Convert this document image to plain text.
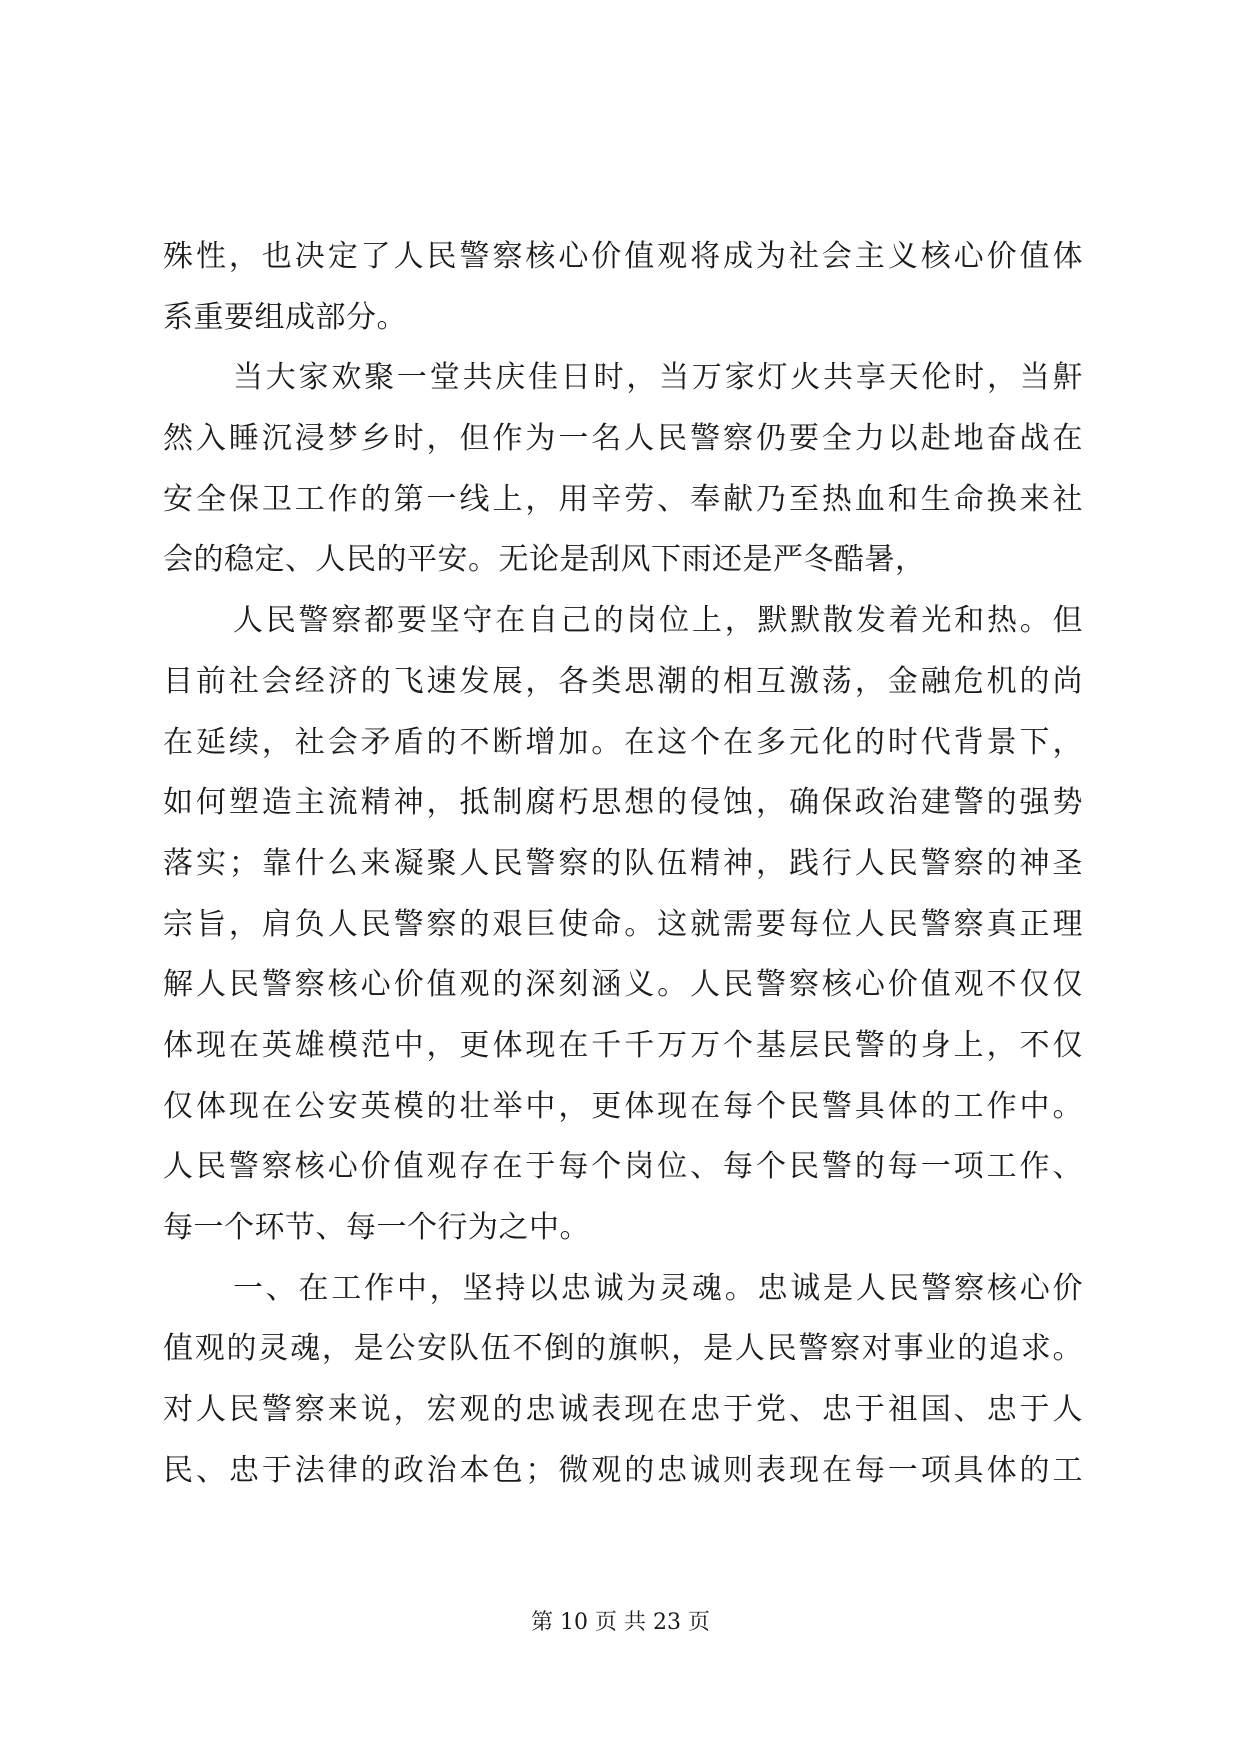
殊性，也决定了人民警察核心价值观将成为社会主义核心价值体
系重要组成部分。
当大家欢聚一堂共庆佳日时，当万家灯火共享天伦时，当鼾
然入睡沉浸梦乡时，但作为一名人民警察仍要全力以赴地奋战在
安全保卫工作的第一线上，用辛劳、奉献乃至热血和生命换来社
会的稳定、人民的平安。无论是刮风下雨还是严冬酷暑，
人民警察都要坚守在自己的岗位上，默默散发着光和热。但
目前社会经济的飞速发展，各类思潮的相互激荡，金融危机的尚
在延续，社会矛盾的不断增加。在这个在多元化的时代背景下，
如何塑造主流精神，抵制腐朽思想的侵蚀，确保政治建警的强势
落实；靠什么来凝聚人民警察的队伍精神，践行人民警察的神圣
宗旨，肩负人民警察的艰巨使命。这就需要每位人民警察真正理
解人民警察核心价值观的深刻涵义。人民警察核心价值观不仅仅
体现在英雄模范中，更体现在千千万万个基层民警的身上，不仅
仅体现在公安英模的壮举中，更体现在每个民警具体的工作中。
人民警察核心价值观存在于每个岗位、每个民警的每一项工作、
每一个环节、每一个行为之中。
一、在工作中，坚持以忠诚为灵魂。忠诚是人民警察核心价
值观的灵魂，是公安队伍不倒的旗帜，是人民警察对事业的追求。
对人民警察来说，宏观的忠诚表现在忠于党、忠于祖国、忠于人
民、忠于法律的政治本色；微观的忠诚则表现在每一项具体的工
第 10 页 共 23 页
